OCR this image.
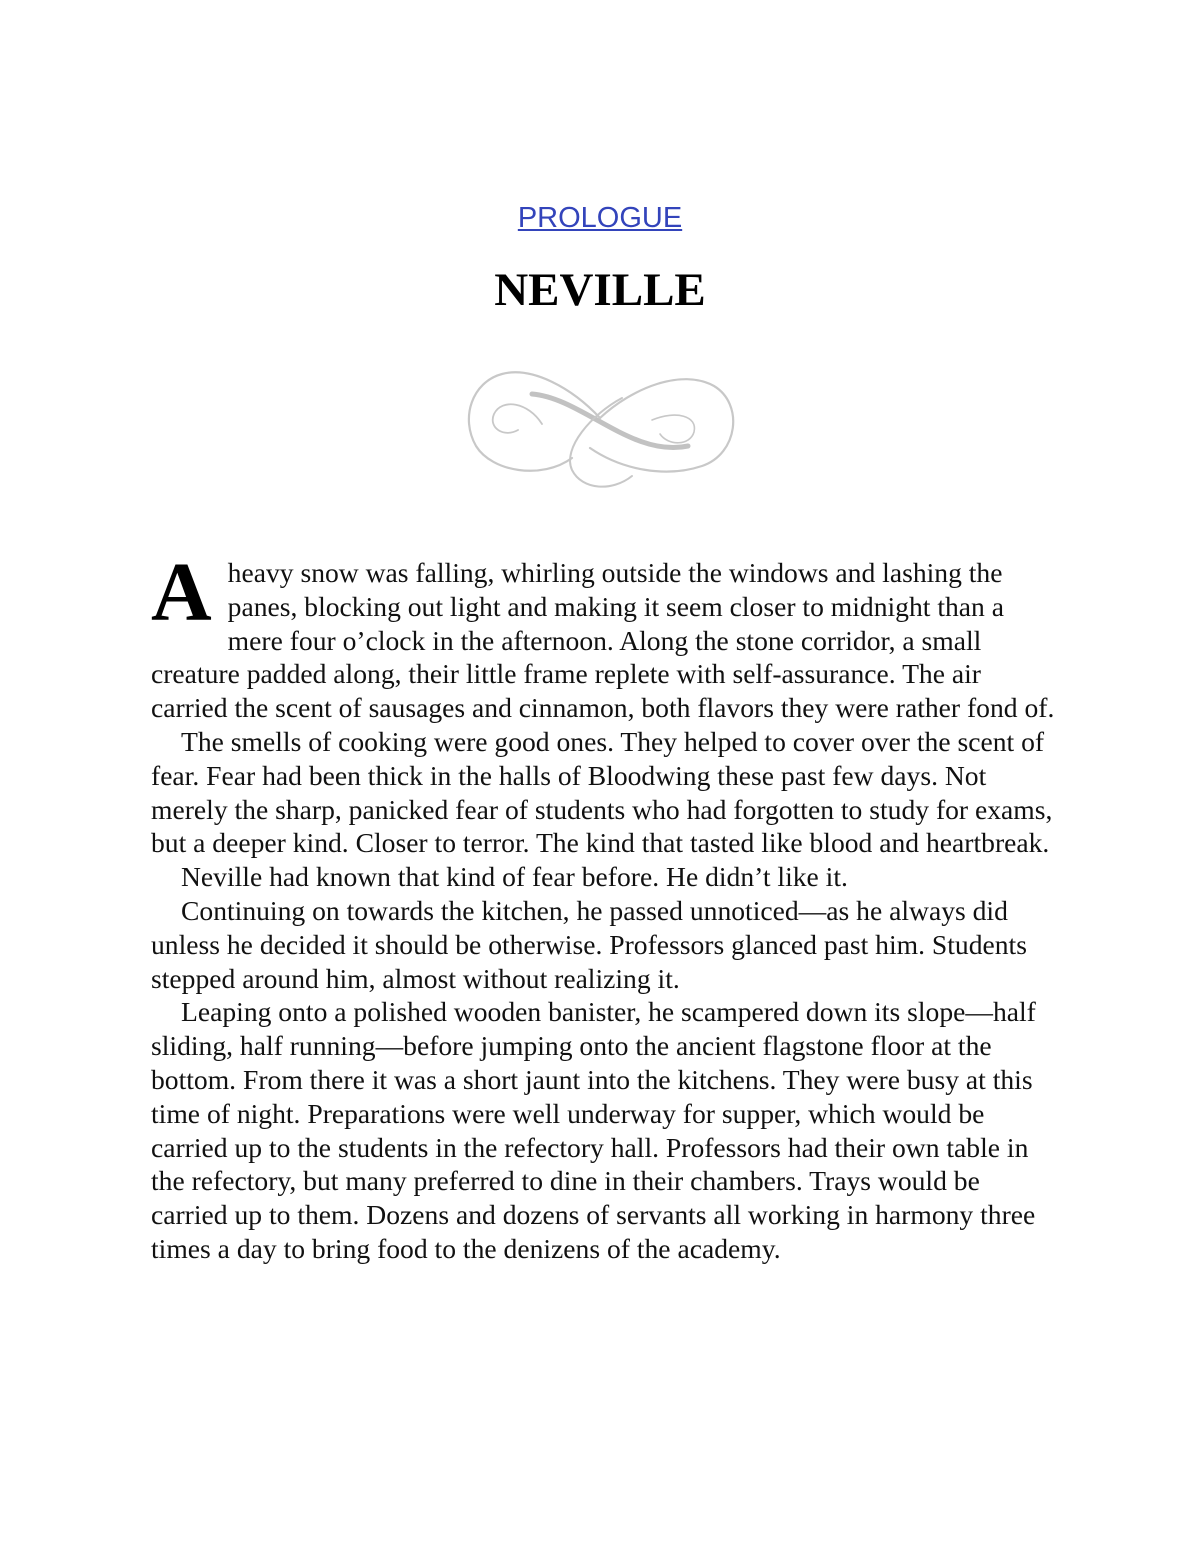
PROLOGUE
NEVILLE

A heavy snow was falling, whirling outside the windows and lashing the panes, blocking out light and making it seem closer to midnight than a mere four o’clock in the afternoon. Along the stone corridor, a small creature padded along, their little frame replete with self-assurance. The air carried the scent of sausages and cinnamon, both flavors they were rather fond of.

The smells of cooking were good ones. They helped to cover over the scent of fear. Fear had been thick in the halls of Bloodwing these past few days. Not merely the sharp, panicked fear of students who had forgotten to study for exams, but a deeper kind. Closer to terror. The kind that tasted like blood and heartbreak.

Neville had known that kind of fear before. He didn’t like it.

Continuing on towards the kitchen, he passed unnoticed—as he always did unless he decided it should be otherwise. Professors glanced past him. Students stepped around him, almost without realizing it.

Leaping onto a polished wooden banister, he scampered down its slope—half sliding, half running—before jumping onto the ancient flagstone floor at the bottom. From there it was a short jaunt into the kitchens. They were busy at this time of night. Preparations were well underway for supper, which would be carried up to the students in the refectory hall. Professors had their own table in the refectory, but many preferred to dine in their chambers. Trays would be carried up to them. Dozens and dozens of servants all working in harmony three times a day to bring food to the denizens of the academy.
